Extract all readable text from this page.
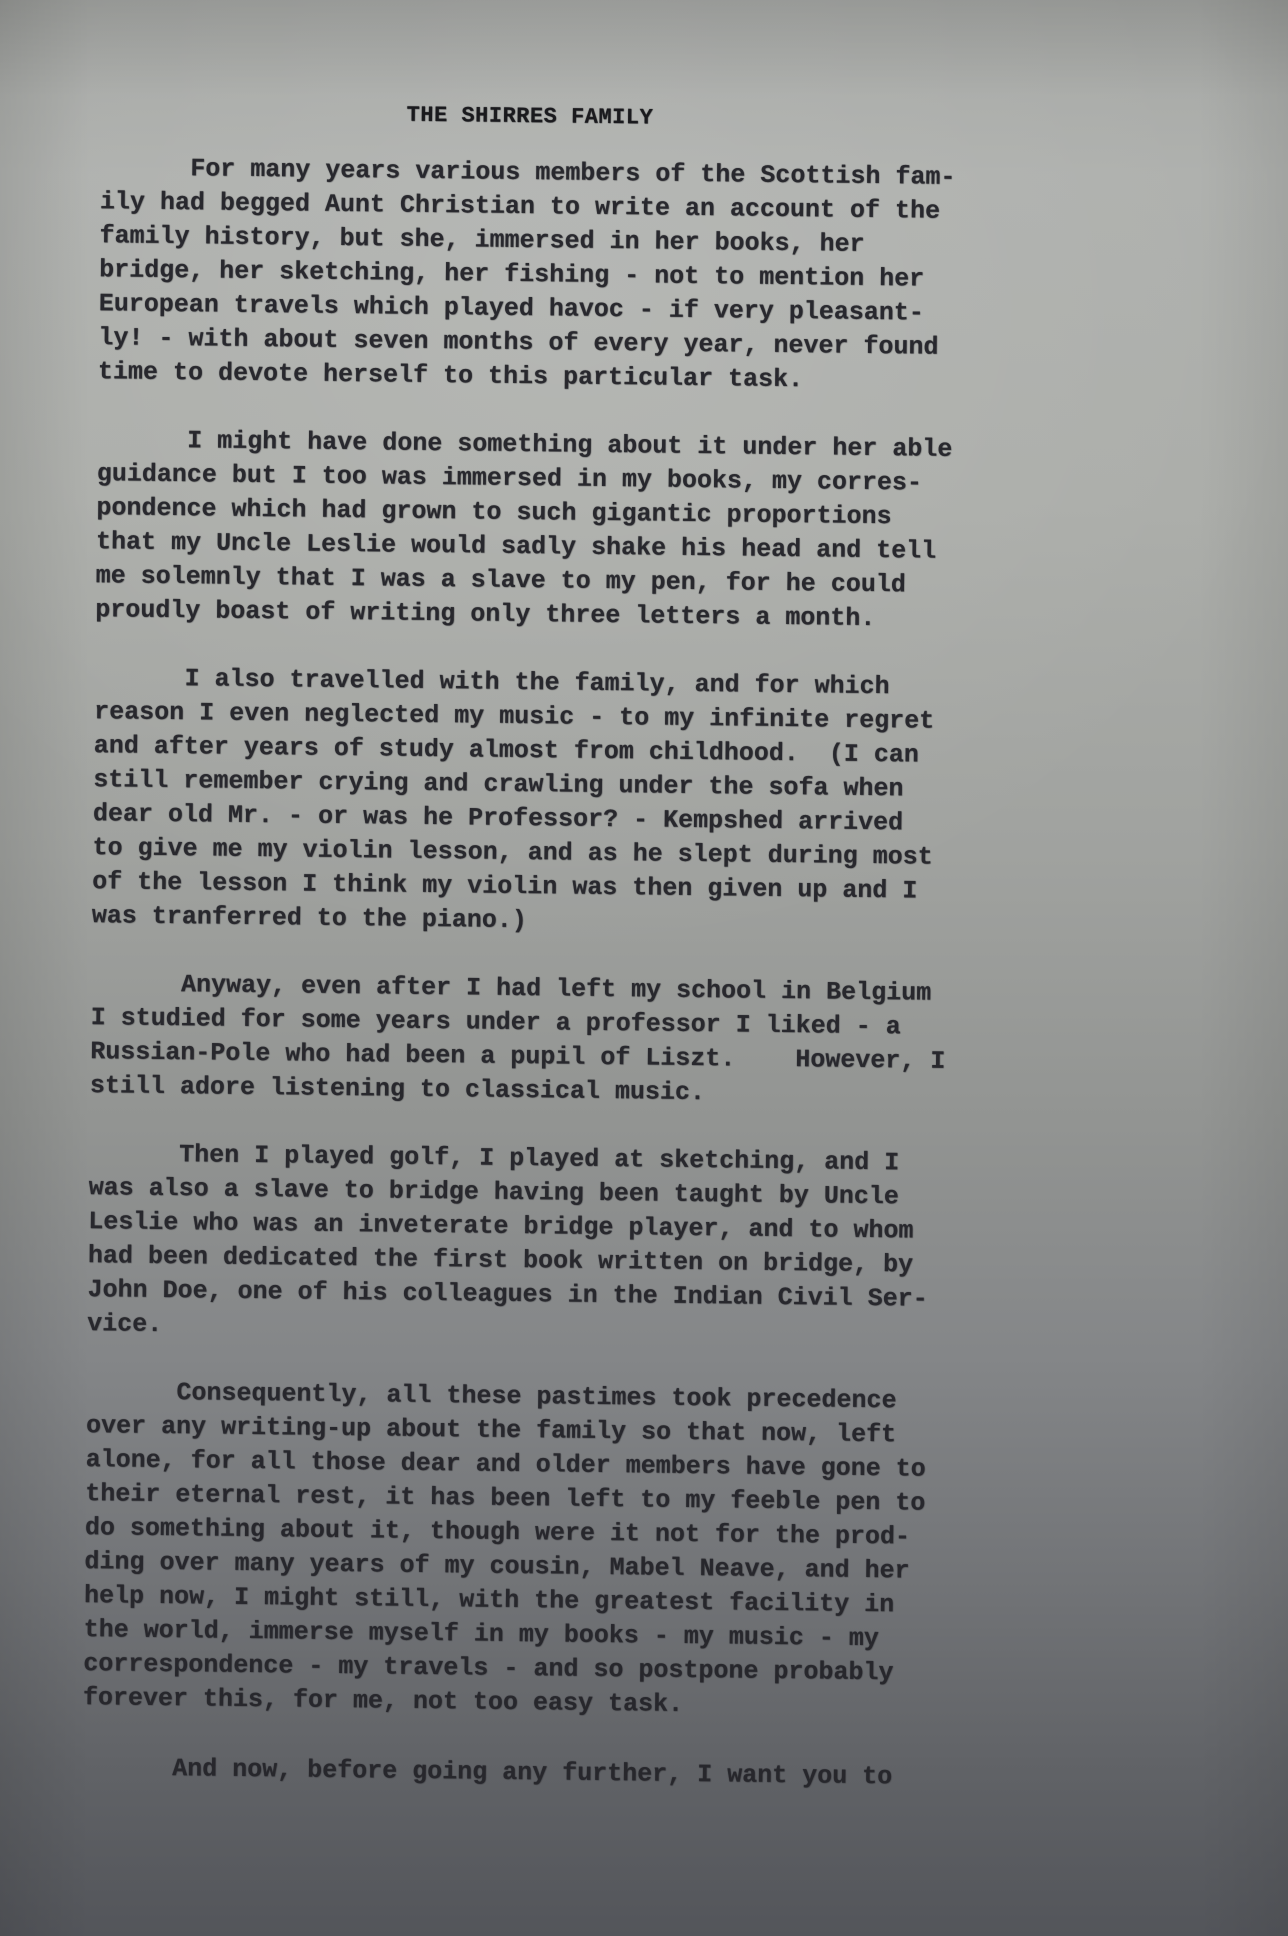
THE SHIRRES FAMILY
For many years various members of the Scottish fam-
ily had begged Aunt Christian to write an account of the
family history, but she, immersed in her books, her
bridge, her sketching, her fishing - not to mention her
European travels which played havoc - if very pleasant-
ly! - with about seven months of every year, never found
time to devote herself to this particular task.
I might have done something about it under her able
guidance but I too was immersed in my books, my corres-
pondence which had grown to such gigantic proportions
that my Uncle Leslie would sadly shake his head and tell
me solemnly that I was a slave to my pen, for he could
proudly boast of writing only three letters a month.
I also travelled with the family, and for which
reason I even neglected my music - to my infinite regret
and after years of study almost from childhood.  (I can
still remember crying and crawling under the sofa when
dear old Mr. - or was he Professor? - Kempshed arrived
to give me my violin lesson, and as he slept during most
of the lesson I think my violin was then given up and I
was tranferred to the piano.)
Anyway, even after I had left my school in Belgium
I studied for some years under a professor I liked - a
Russian-Pole who had been a pupil of Liszt.    However, I
still adore listening to classical music.
Then I played golf, I played at sketching, and I
was also a slave to bridge having been taught by Uncle
Leslie who was an inveterate bridge player, and to whom
had been dedicated the first book written on bridge, by
John Doe, one of his colleagues in the Indian Civil Ser-
vice.
Consequently, all these pastimes took precedence
over any writing-up about the family so that now, left
alone, for all those dear and older members have gone to
their eternal rest, it has been left to my feeble pen to
do something about it, though were it not for the prod-
ding over many years of my cousin, Mabel Neave, and her
help now, I might still, with the greatest facility in
the world, immerse myself in my books - my music - my
correspondence - my travels - and so postpone probably
forever this, for me, not too easy task.
And now, before going any further, I want you to
